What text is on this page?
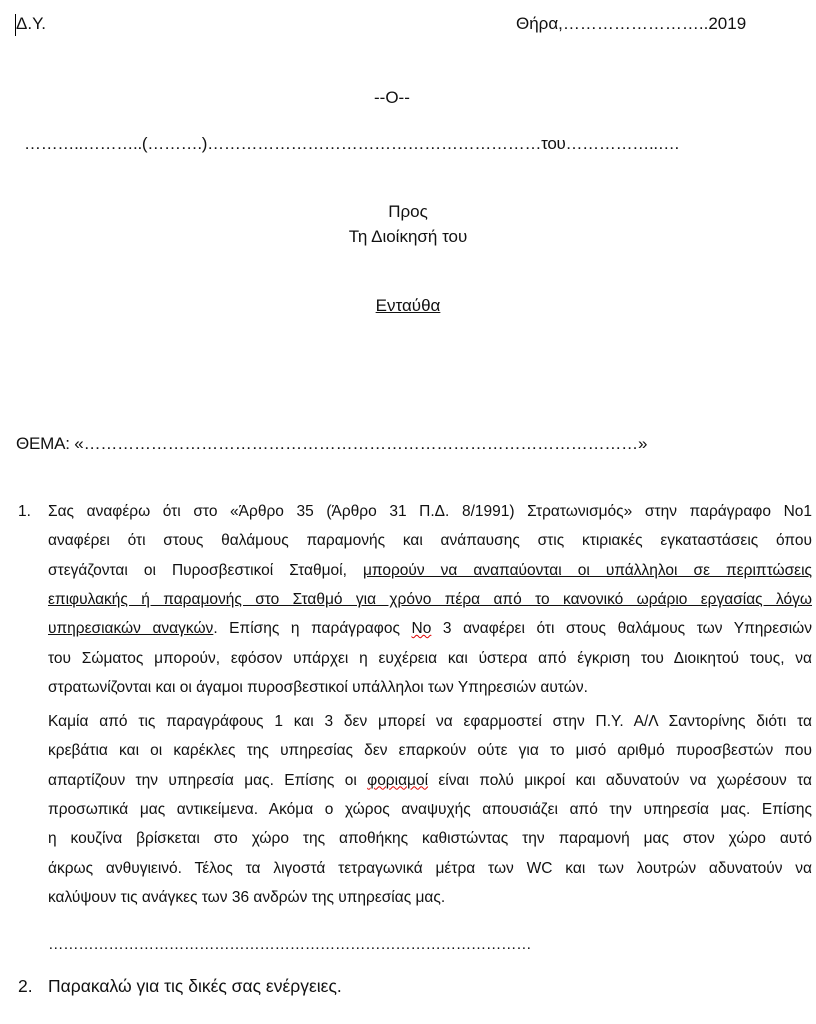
Δ.Υ.	Θήρα,……………………..2019
--Ο--
………..………..(……….)……………………………………………………του……………..….
Προς
Τη Διοίκησή του
Ενταύθα
ΘΕΜΑ: «………………………………………………………………………………………»
1. Σας αναφέρω ότι στο «Άρθρο 35 (Άρθρο 31 Π.Δ. 8/1991) Στρατωνισμός» στην παράγραφο Νο1
αναφέρει ότι στους θαλάμους παραμονής και ανάπαυσης στις κτιριακές εγκαταστάσεις όπου
στεγάζονται οι Πυροσβεστικοί Σταθμοί, μπορούν να αναπαύονται οι υπάλληλοι σε περιπτώσεις
επιφυλακής ή παραμονής στο Σταθμό για χρόνο πέρα από το κανονικό ωράριο εργασίας λόγω
υπηρεσιακών αναγκών. Επίσης η παράγραφος Νο 3 αναφέρει ότι στους θαλάμους των Υπηρεσιών
του Σώματος μπορούν, εφόσον υπάρχει η ευχέρεια και ύστερα από έγκριση του Διοικητού τους, να
στρατωνίζονται και οι άγαμοι πυροσβεστικοί υπάλληλοι των Υπηρεσιών αυτών.
Καμία από τις παραγράφους 1 και 3 δεν μπορεί να εφαρμοστεί στην Π.Υ. Α/Λ Σαντορίνης διότι τα
κρεβάτια και οι καρέκλες της υπηρεσίας δεν επαρκούν ούτε για το μισό αριθμό πυροσβεστών που
απαρτίζουν την υπηρεσία μας. Επίσης οι φοριαμοί είναι πολύ μικροί και αδυνατούν να χωρέσουν τα
προσωπικά μας αντικείμενα. Ακόμα ο χώρος αναψυχής απουσιάζει από την υπηρεσία μας. Επίσης
η κουζίνα βρίσκεται στο χώρο της αποθήκης καθιστώντας την παραμονή μας στον χώρο αυτό
άκρως ανθυγιεινό. Τέλος τα λιγοστά τετραγωνικά μέτρα των WC και των λουτρών αδυνατούν να
καλύψουν τις ανάγκες των 36 ανδρών της υπηρεσίας μας.
……………………………………………………………………………………
2. Παρακαλώ για τις δικές σας ενέργειες.
